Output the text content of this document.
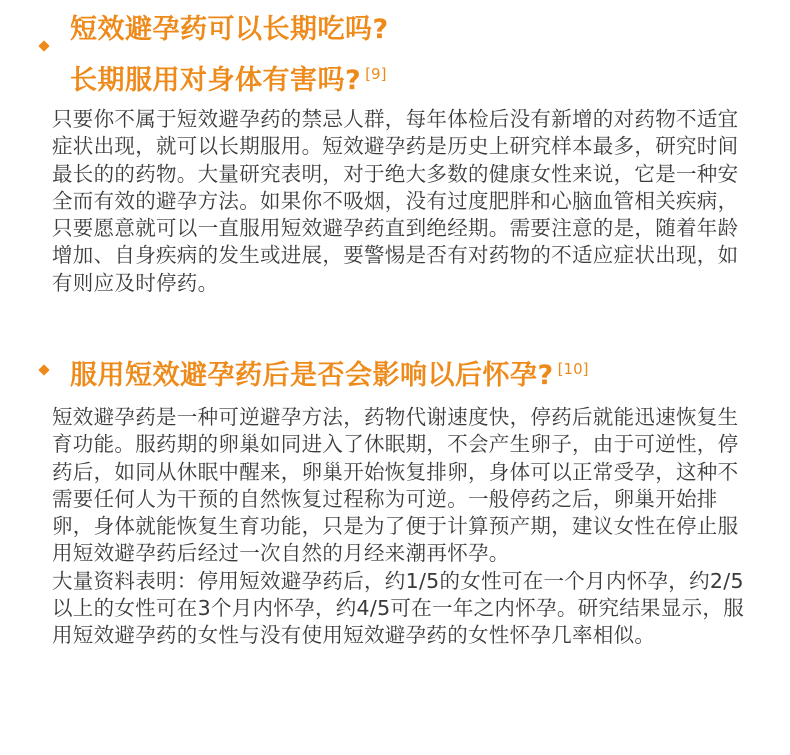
短效避孕药可以长期吃吗?
长期服用对身体有害吗? [9]

只要你不属于短效避孕药的禁忌人群，每年体检后没有新增的对药物不适宜症状出现，就可以长期服用。短效避孕药是历史上研究样本最多，研究时间最长的的药物。大量研究表明，对于绝大多数的健康女性来说，它是一种安全而有效的避孕方法。如果你不吸烟，没有过度肥胖和心脑血管相关疾病，只要愿意就可以一直服用短效避孕药直到绝经期。需要注意的是，随着年龄增加、自身疾病的发生或进展，要警惕是否有对药物的不适应症状出现，如有则应及时停药。

服用短效避孕药后是否会影响以后怀孕? [10]

短效避孕药是一种可逆避孕方法，药物代谢速度快，停药后就能迅速恢复生育功能。服药期的卵巢如同进入了休眠期，不会产生卵子，由于可逆性，停药后，如同从休眠中醒来，卵巢开始恢复排卵，身体可以正常受孕，这种不需要任何人为干预的自然恢复过程称为可逆。一般停药之后，卵巢开始排卵，身体就能恢复生育功能，只是为了便于计算预产期，建议女性在停止服用短效避孕药后经过一次自然的月经来潮再怀孕。

大量资料表明：停用短效避孕药后，约1/5的女性可在一个月内怀孕，约2/5以上的女性可在3个月内怀孕，约4/5可在一年之内怀孕。研究结果显示，服用短效避孕药的女性与没有使用短效避孕药的女性怀孕几率相似。
